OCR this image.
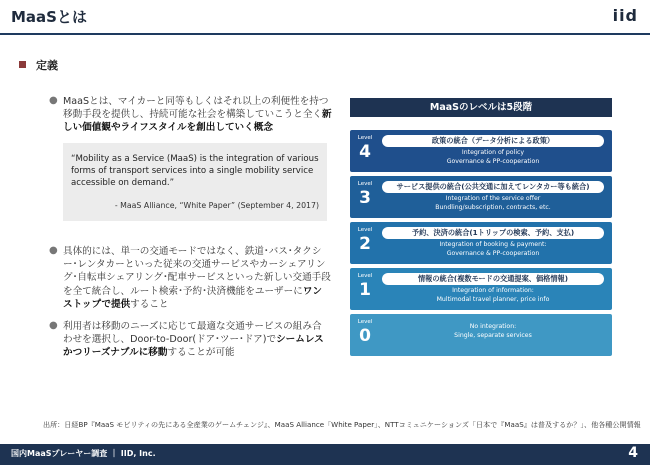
MaaSとは	iid
定義
● MaaSとは、マイカーと同等もしくはそれ以上の利便性を持つ移動手段を提供し、持続可能な社会を構築していこうと全く新しい価値観やライフスタイルを創出していく概念
“Mobility as a Service (MaaS) is the integration of various forms of transport services into a single mobility service accessible on demand.”
- MaaS Alliance, “White Paper” (September 4, 2017)
● 具体的には、単一の交通モードではなく、鉄道･バス･タクシー･レンタカーといった従来の交通サービスやカーシェアリング･自転車シェアリング･配車サービスといった新しい交通手段を全て統合し、ルート検索･予約･決済機能をユーザーにワンストップで提供すること
● 利用者は移動のニーズに応じて最適な交通サービスの組み合わせを選択し、Door-to-Door(ドア･ツー･ドア)でシームレスかつリーズナブルに移動することが可能
MaaSのレベルは5段階
Level
4
政策の統合（データ分析による政策）
Integration of policy
Governance & PP-cooperation
Level
3
サービス提供の統合(公共交通に加えてレンタカー等も統合)
Integration of the service offer
Bundling/subscription, contracts, etc.
Level
2
予約、決済の統合(1トリップの検索、予約、支払)
Integration of booking & payment:
Governance & PP-cooperation
Level
1
情報の統合(複数モードの交通提案、価格情報)
Integration of information:
Multimodal travel planner, price info
Level
0	No integration:
Single, separate services
出所：日経BP『MaaS モビリティの先にある全産業のゲームチェンジ』、MaaS Alliance「White Paper」、NTTコミュニケーションズ「日本で『MaaS』は普及するか？」、他各種公開情報
国内MaaSプレーヤー調査 ｜ IID, Inc.	4
